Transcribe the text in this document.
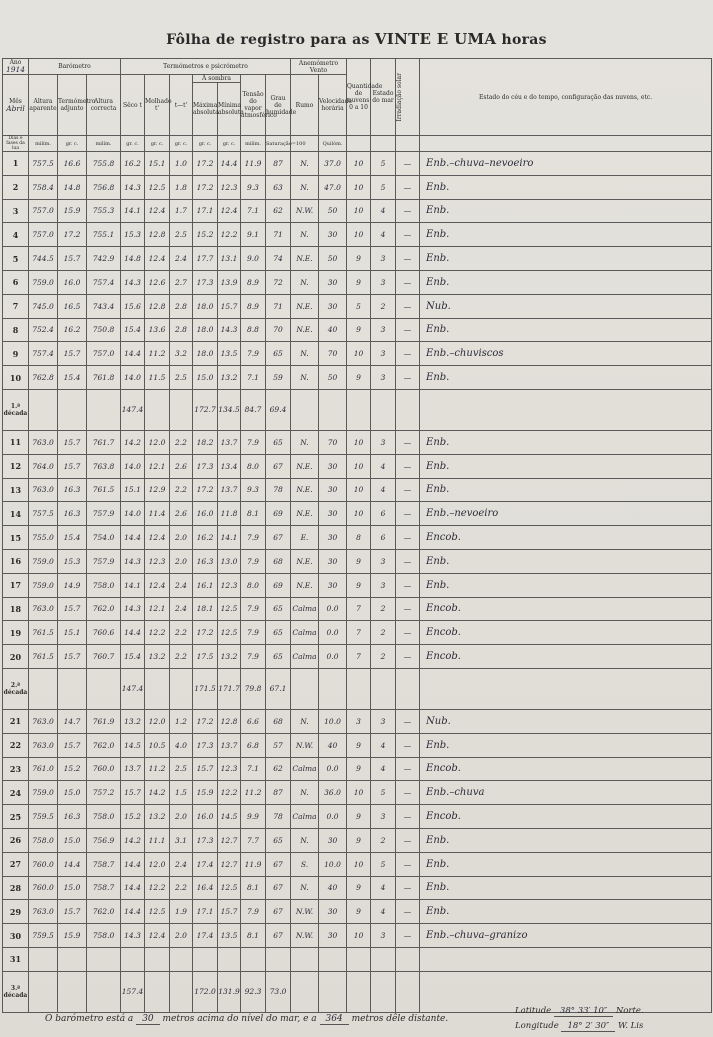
Fôlha de registro para as VINTE E UMA horas
Ano
1914	Barómetro			Termómetros e psicrómetro							Anemómetro
Vento		Quantidade de nuvens 0 a 10	Estado do mar	Irradiação solar	Estado do céu e do tempo, configuração das nuvens, etc.
Mês
Abril	Altura aparente	Termómetro adjunto	Altura correcta	Sêco t	Molhado t'	t—t'	À sombra		Tensão do vapor atmosférico	Grau de humidade	Rumo	Velocidade horária				
							Máxima absoluta	Mínima absoluta								
Dias e fases da lua	milím.	gr. c.	milím.	gr. c.	gr. c.	gr. c.	gr. c.	gr. c.	milím.	Saturação=100		Quilóm.				
1	757.5	16.6	755.8	16.2	15.1	1.0	17.2	14.4	11.9	87	N.	37.0	10	5	—	Enb.–chuva–nevoeiro
2	758.4	14.8	756.8	14.3	12.5	1.8	17.2	12.3	9.3	63	N.	47.0	10	5	—	Enb.
3	757.0	15.9	755.3	14.1	12.4	1.7	17.1	12.4	7.1	62	N.W.	50	10	4	—	Enb.
4	757.0	17.2	755.1	15.3	12.8	2.5	15.2	12.2	9.1	71	N.	30	10	4	—	Enb.
5	744.5	15.7	742.9	14.8	12.4	2.4	17.7	13.1	9.0	74	N.E.	50	9	3	—	Enb.
6	759.0	16.0	757.4	14.3	12.6	2.7	17.3	13.9	8.9	72	N.	30	9	3	—	Enb.
7	745.0	16.5	743.4	15.6	12.8	2.8	18.0	15.7	8.9	71	N.E.	30	5	2	—	Nub.
8	752.4	16.2	750.8	15.4	13.6	2.8	18.0	14.3	8.8	70	N.E.	40	9	3	—	Enb.
9	757.4	15.7	757.0	14.4	11.2	3.2	18.0	13.5	7.9	65	N.	70	10	3	—	Enb.–chuviscos
10	762.8	15.4	761.8	14.0	11.5	2.5	15.0	13.2	7.1	59	N.	50	9	3	—	Enb.
1.ª década				147.4			172.7	134.5	84.7	69.4						
11	763.0	15.7	761.7	14.2	12.0	2.2	18.2	13.7	7.9	65	N.	70	10	3	—	Enb.
12	764.0	15.7	763.8	14.0	12.1	2.6	17.3	13.4	8.0	67	N.E.	30	10	4	—	Enb.
13	763.0	16.3	761.5	15.1	12.9	2.2	17.2	13.7	9.3	78	N.E.	30	10	4	—	Enb.
14	757.5	16.3	757.9	14.0	11.4	2.6	16.0	11.8	8.1	69	N.E.	30	10	6	—	Enb.–nevoeiro
15	755.0	15.4	754.0	14.4	12.4	2.0	16.2	14.1	7.9	67	E.	30	8	6	—	Encob.
16	759.0	15.3	757.9	14.3	12.3	2.0	16.3	13.0	7.9	68	N.E.	30	9	3	—	Enb.
17	759.0	14.9	758.0	14.1	12.4	2.4	16.1	12.3	8.0	69	N.E.	30	9	3	—	Enb.
18	763.0	15.7	762.0	14.3	12.1	2.4	18.1	12.5	7.9	65	Calma	0.0	7	2	—	Encob.
19	761.5	15.1	760.6	14.4	12.2	2.2	17.2	12.5	7.9	65	Calma	0.0	7	2	—	Encob.
20	761.5	15.7	760.7	15.4	13.2	2.2	17.5	13.2	7.9	65	Calma	0.0	7	2	—	Encob.
2.ª década				147.4			171.5	171.7	79.8	67.1						
21	763.0	14.7	761.9	13.2	12.0	1.2	17.2	12.8	6.6	68	N.	10.0	3	3	—	Nub.
22	763.0	15.7	762.0	14.5	10.5	4.0	17.3	13.7	6.8	57	N.W.	40	9	4	—	Enb.
23	761.0	15.2	760.0	13.7	11.2	2.5	15.7	12.3	7.1	62	Calma	0.0	9	4	—	Encob.
24	759.0	15.0	757.2	15.7	14.2	1.5	15.9	12.2	11.2	87	N.	36.0	10	5	—	Enb.–chuva
25	759.5	16.3	758.0	15.2	13.2	2.0	16.0	14.5	9.9	78	Calma	0.0	9	3	—	Encob.
26	758.0	15.0	756.9	14.2	11.1	3.1	17.3	12.7	7.7	65	N.	30	9	2	—	Enb.
27	760.0	14.4	758.7	14.4	12.0	2.4	17.4	12.7	11.9	67	S.	10.0	10	5	—	Enb.
28	760.0	15.0	758.7	14.4	12.2	2.2	16.4	12.5	8.1	67	N.	40	9	4	—	Enb.
29	763.0	15.7	762.0	14.4	12.5	1.9	17.1	15.7	7.9	67	N.W.	30	9	4	—	Enb.
30	759.5	15.9	758.0	14.3	12.4	2.0	17.4	13.5	8.1	67	N.W.	30	10	3	—	Enb.–chuva–granizo
31																
3.ª década				157.4			172.0	131.9	92.3	73.0						
O barómetro está a 30 metros acima do nível do mar, e a 364 metros dêle distante.
Latitude 38° 33′ 10″ Norte.
Longitude 18° 2′ 30″ W. Lis
